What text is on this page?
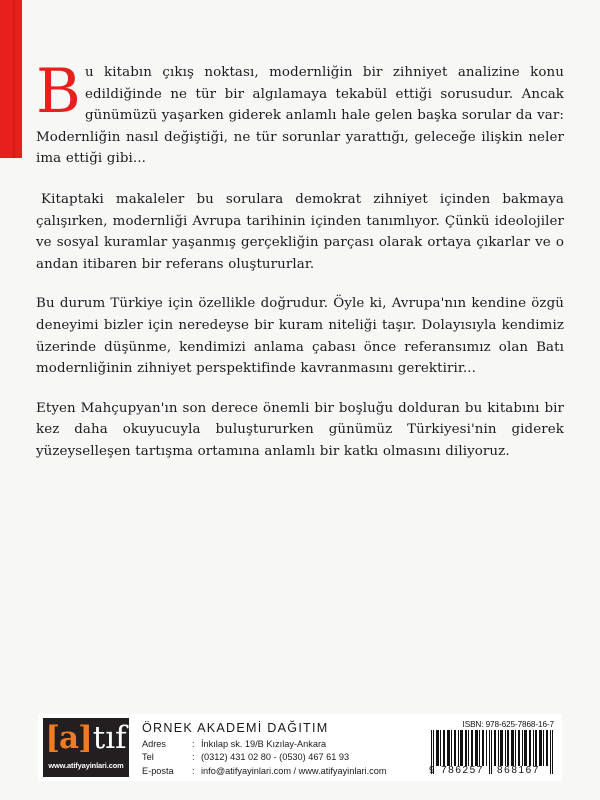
Bu kitabın çıkış noktası, modernliğin bir zihniyet analizine konu edildiğinde ne tür bir algılamaya tekabül ettiği sorusudur. Ancak günümüzü yaşarken giderek anlamlı hale gelen başka sorular da var: Modernliğin nasıl değiştiği, ne tür sorunlar yarattığı, geleceğe ilişkin neler ima ettiği gibi...

Kitaptaki makaleler bu sorulara demokrat zihniyet içinden bakmaya çalışırken, modernliği Avrupa tarihinin içinden tanımlıyor. Çünkü ideolojiler ve sosyal kuramlar yaşanmış gerçekliğin parçası olarak ortaya çıkarlar ve o andan itibaren bir referans oluştururlar.

Bu durum Türkiye için özellikle doğrudur. Öyle ki, Avrupa'nın kendine özgü deneyimi bizler için neredeyse bir kuram niteliği taşır. Dolayısıyla kendimiz üzerinde düşünme, kendimizi anlama çabası önce referansımız olan Batı modernliğinin zihniyet perspektifinde kavranmasını gerektirir...

Etyen Mahçupyan'ın son derece önemli bir boşluğu dolduran bu kitabını bir kez daha okuyucuyla buluştururken günümüz Türkiyesi'nin giderek yüzeyselleşen tartışma ortamına anlamlı bir katkı olmasını diliyoruz.

[a] tıf
www.atifyayinlari.com
ÖRNEK AKADEMİ DAĞITIM
Adres	: İnkılap sk. 19/B Kızılay-Ankara
Tel	: (0312) 431 02 80 - (0530) 467 61 93
E-posta	: info@atifyayinlari.com / www.atifyayinlari.com
ISBN: 978-625-7868-16-7
9 786257	868167
